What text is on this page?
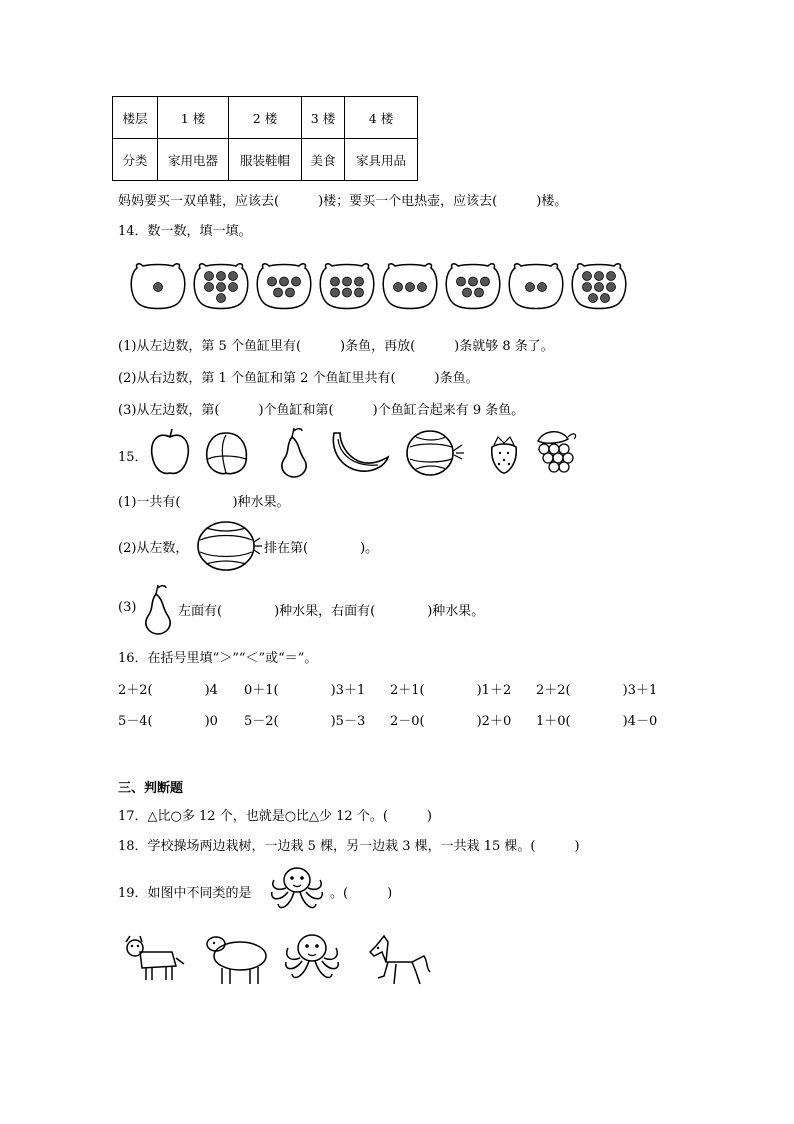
楼层	1 楼	2 楼	3 楼	4 楼
分类	家用电器	服装鞋帽	美食	家具用品
妈妈要买一双单鞋，应该去(　　　)楼；要买一个电热壶，应该去(　　　)楼。
14．数一数，填一填。
(1)从左边数，第 5 个鱼缸里有(　　　)条鱼，再放(　　　)条就够 8 条了。
(2)从右边数，第 1 个鱼缸和第 2 个鱼缸里共有(　　　)条鱼。
(3)从左边数，第(　　　)个鱼缸和第(　　　)个鱼缸合起来有 9 条鱼。
15．
(1)一共有(　　　　)种水果。
(2)从左数，	排在第(　　　　)。
(3)	左面有(　　　　)种水果，右面有(　　　　)种水果。
16．在括号里填“＞”“＜”或“＝”。
2＋2(　　　　)4 0＋1(　　　　)3＋1 2＋1(　　　　)1＋2 2＋2(　　　　)3＋1
5－4(　　　　)0 5－2(　　　　)5－3 2－0(　　　　)2＋0 1＋0(　　　　)4－0
三、判断题
17．△比○多 12 个，也就是○比△少 12 个。(　　　)
18．学校操场两边栽树，一边栽 5 棵，另一边栽 3 棵，一共栽 15 棵。(　　　)
19．如图中不同类的是	。(　　　)
